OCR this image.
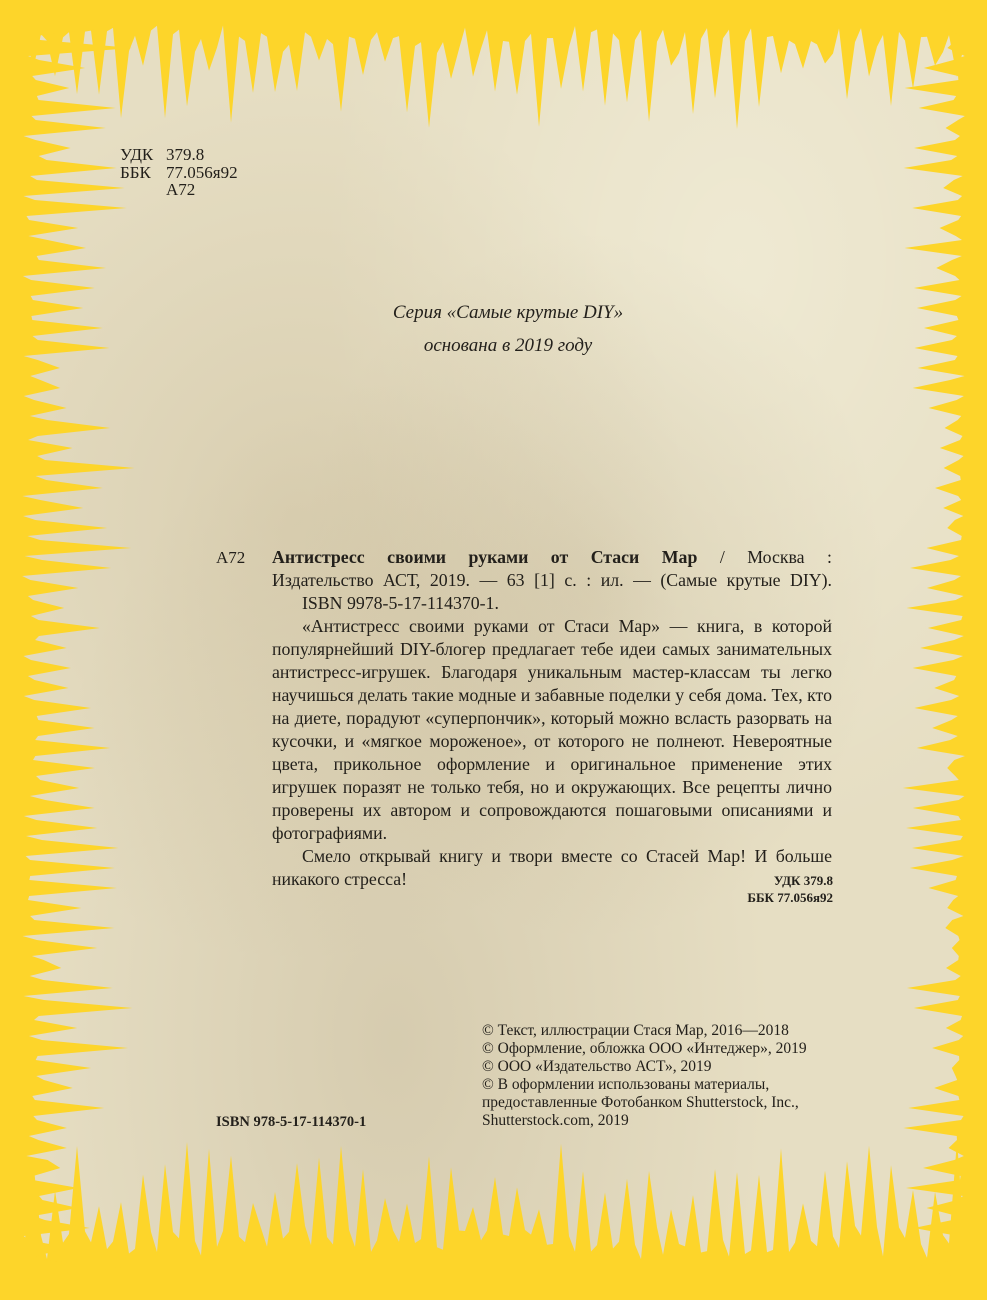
УДК 379.8
ББК 77.056я92
А72

Серия «Самые крутые DIY»

основана в 2019 году

А72 Антистресс своими руками от Стаси Мар / Москва :

Издательство АСТ, 2019. — 63 [1] с. : ил. — (Самые крутые DIY).

ISBN 9978-5-17-114370-1.

«Антистресс своими руками от Стаси Мар» — книга, в которой популярнейший DIY-блогер предлагает тебе идеи самых занимательных антистресс-игрушек. Благодаря уникальным мастер-классам ты легко научишься делать такие модные и забавные поделки у себя дома. Тех, кто на диете, порадуют «суперпончик», который можно всласть разорвать на кусочки, и «мягкое мороженое», от которого не полнеют. Невероятные цвета, прикольное оформление и оригинальное применение этих игрушек поразят не только тебя, но и окружающих. Все рецепты лично проверены их автором и сопровождаются пошаговыми описаниями и фотографиями.

Смело открывай книгу и твори вместе со Стасей Мар! И больше никакого стресса!	УДК 379.8
ББК 77.056я92
© Текст, иллюстрации Стася Мар, 2016—2018
© Оформление, обложка ООО «Интеджер», 2019
© ООО «Издательство АСТ», 2019
© В оформлении использованы материалы,
предоставленные Фотобанком Shutterstock, Inc.,
Shutterstock.com, 2019

ISBN 978-5-17-114370-1
